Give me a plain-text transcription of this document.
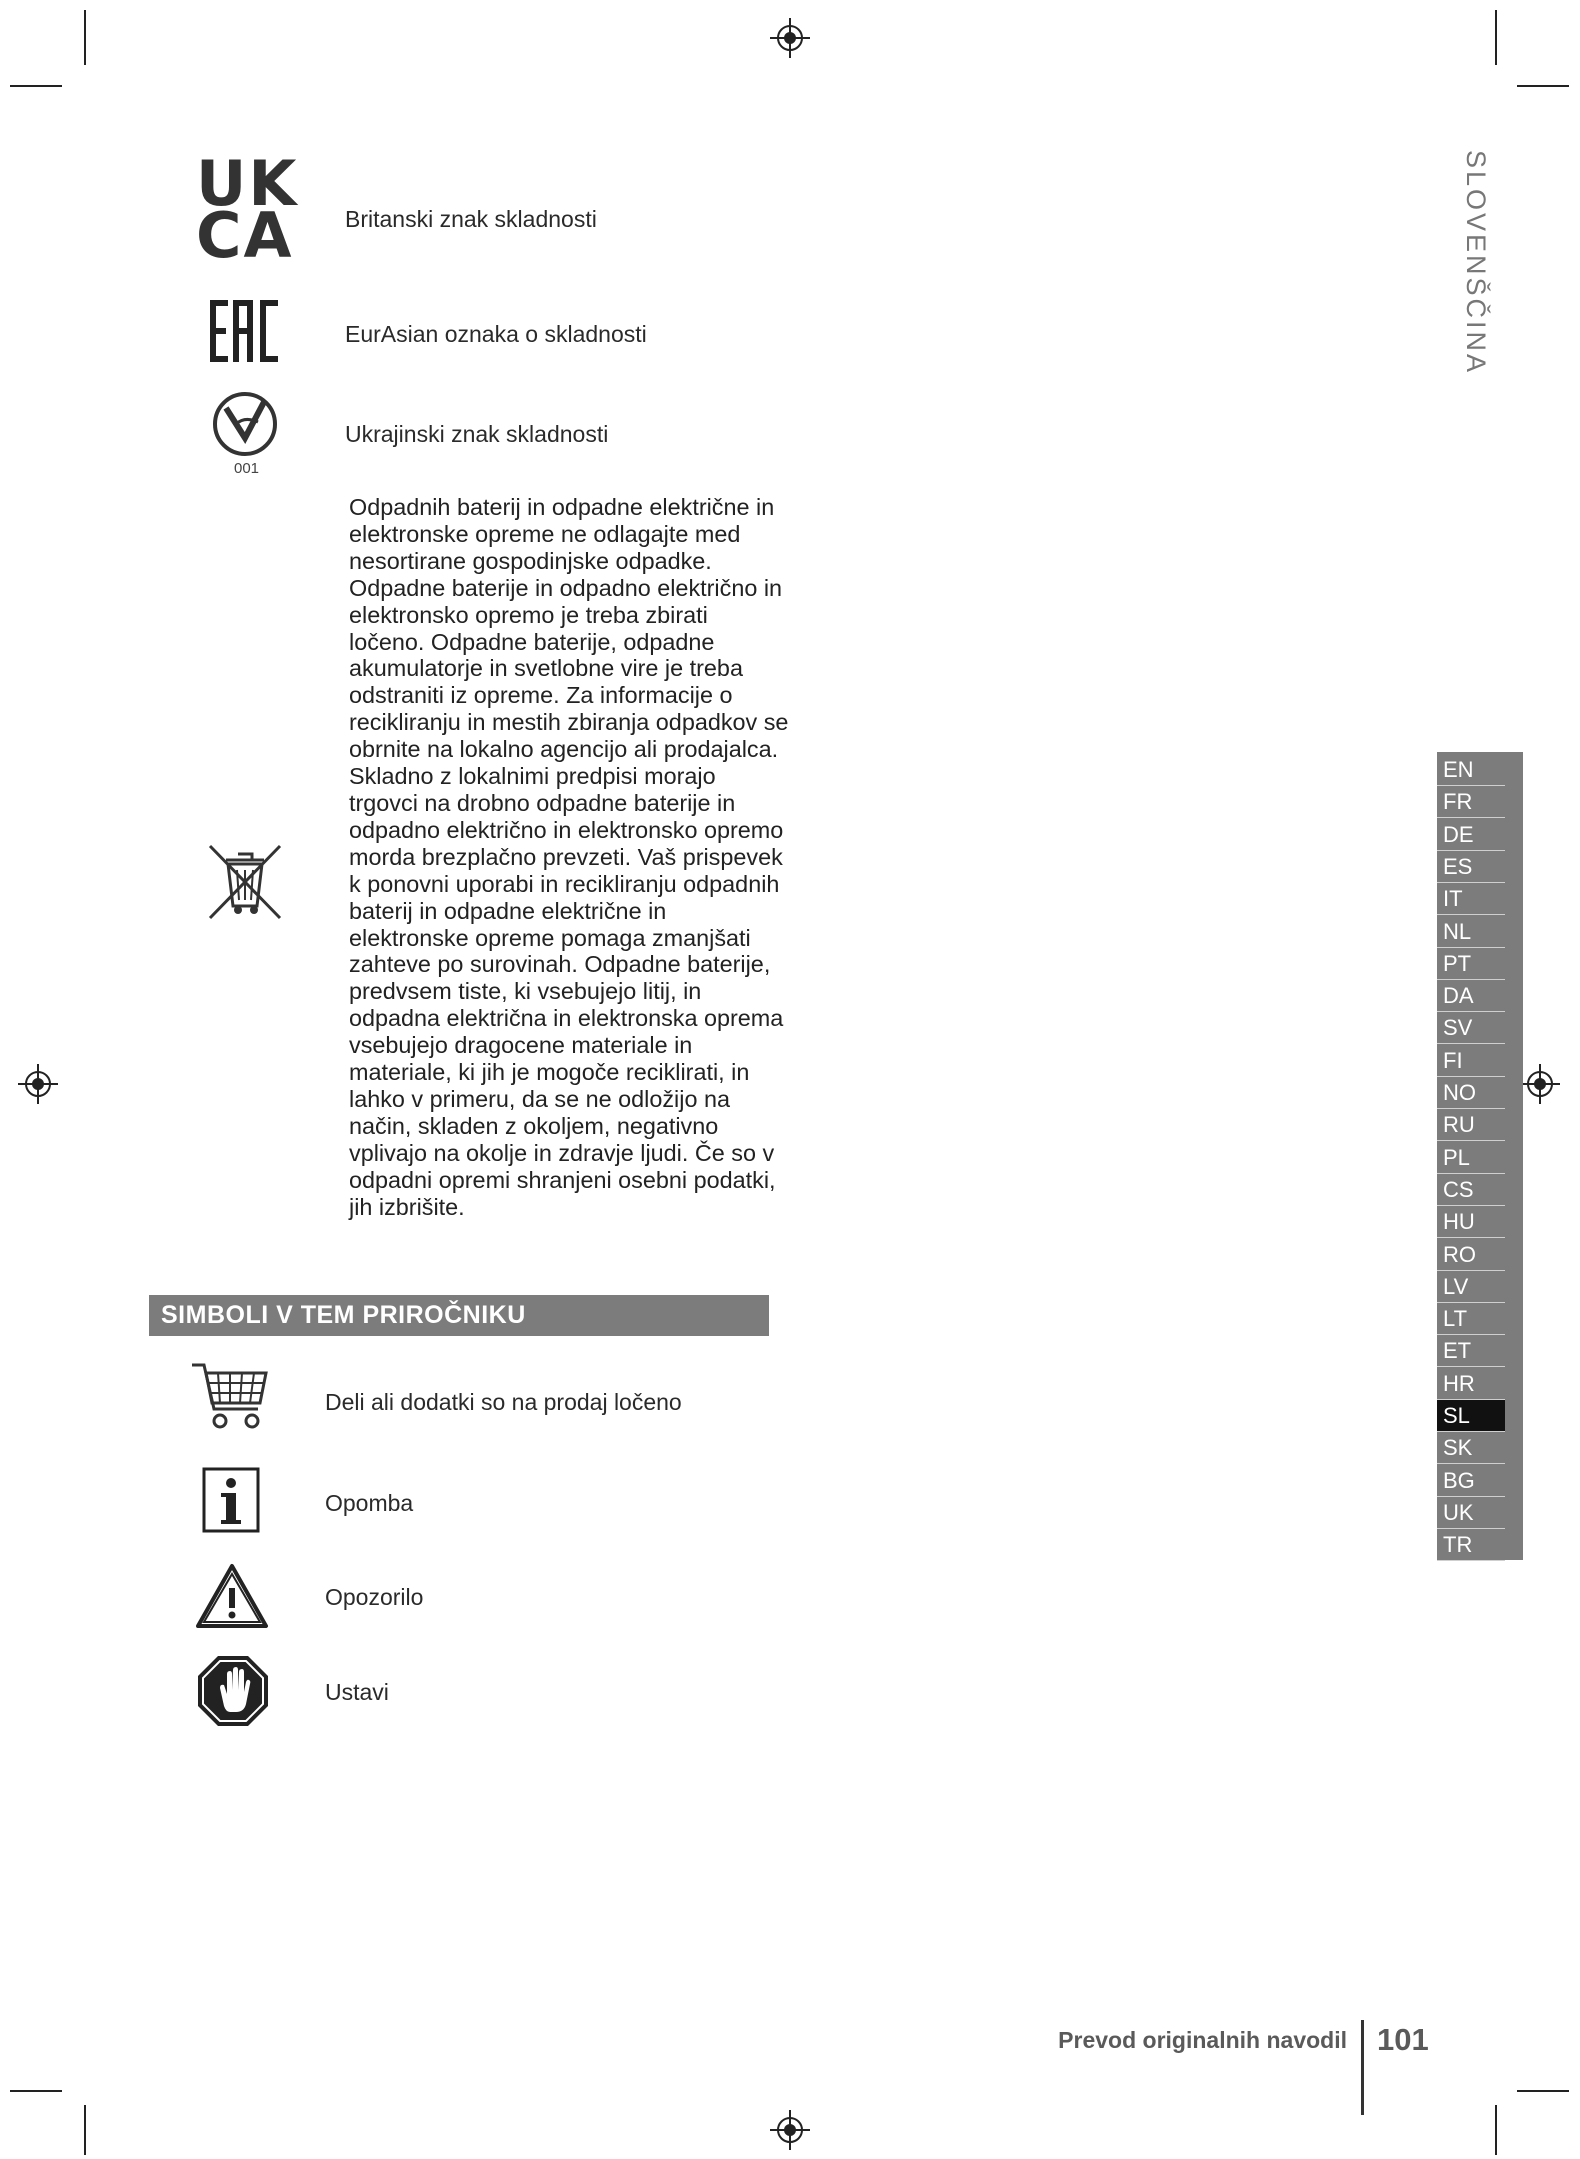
UK
CA Britanski znak skladnosti
EurAsian oznaka o skladnosti
001
Ukrajinski znak skladnosti
Odpadnih baterij in odpadne električne in elektronske opreme ne odlagajte med nesortirane gospodinjske odpadke. Odpadne baterije in odpadno električno in elektronsko opremo je treba zbirati ločeno. Odpadne baterije, odpadne akumulatorje in svetlobne vire je treba odstraniti iz opreme. Za informacije o recikliranju in mestih zbiranja odpadkov se obrnite na lokalno agencijo ali prodajalca. Skladno z lokalnimi predpisi morajo trgovci na drobno odpadne baterije in odpadno električno in elektronsko opremo morda brezplačno prevzeti. Vaš prispevek k ponovni uporabi in recikliranju odpadnih baterij in odpadne električne in elektronske opreme pomaga zmanjšati zahteve po surovinah. Odpadne baterije, predvsem tiste, ki vsebujejo litij, in odpadna električna in elektronska oprema vsebujejo dragocene materiale in materiale, ki jih je mogoče reciklirati, in lahko v primeru, da se ne odložijo na način, skladen z okoljem, negativno vplivajo na okolje in zdravje ljudi. Če so v odpadni opremi shranjeni osebni podatki, jih izbrišite.
SIMBOLI V TEM PRIROČNIKU
Deli ali dodatki so na prodaj ločeno
Opomba
Opozorilo
Ustavi
SLOVENŠČINA
EN
FR
DE
ES
IT
NL
PT
DA
SV
FI
NO
RU
PL
CS
HU
RO
LV
LT
ET
HR
SL
SK
BG
UK
TR
Prevod originalnih navodil 101
